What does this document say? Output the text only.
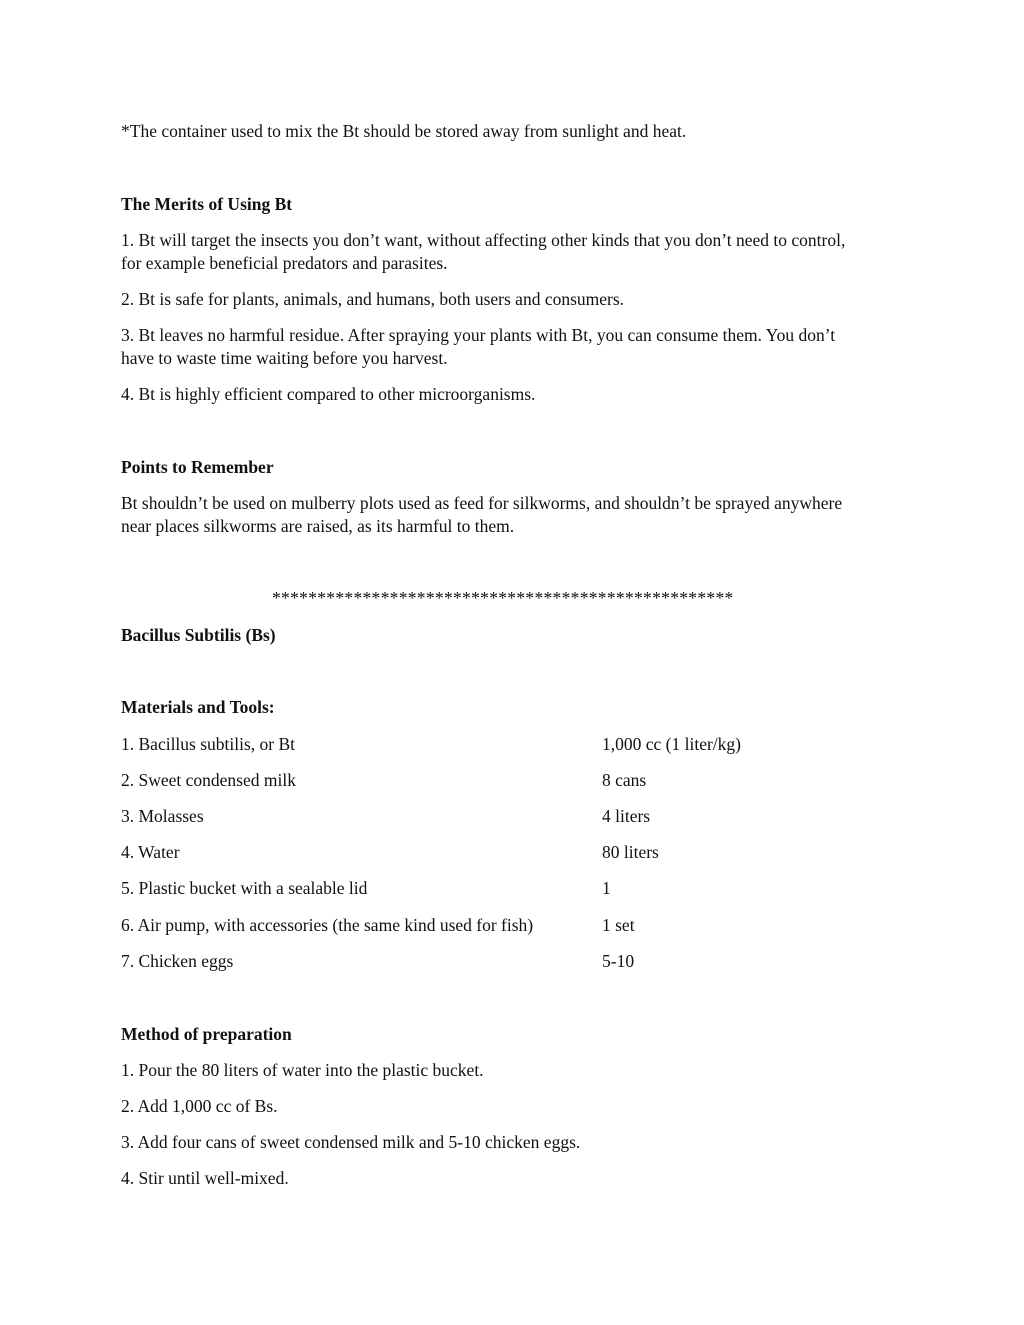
*The container used to mix the Bt should be stored away from sunlight and heat.

The Merits of Using Bt

1. Bt will target the insects you don’t want, without affecting other kinds that you don’t need to control,

for example beneficial predators and parasites.

2. Bt is safe for plants, animals, and humans, both users and consumers.

3. Bt leaves no harmful residue. After spraying your plants with Bt, you can consume them. You don’t

have to waste time waiting before you harvest.

4. Bt is highly efficient compared to other microorganisms.

Points to Remember

Bt shouldn’t be used on mulberry plots used as feed for silkworms, and shouldn’t be sprayed anywhere

near places silkworms are raised, as its harmful to them.

***************************************************

Bacillus Subtilis (Bs)

Materials and Tools:

1. Bacillus subtilis, or Bt	1,000 cc (1 liter/kg)
2. Sweet condensed milk	8 cans
3. Molasses	4 liters
4. Water	80 liters
5. Plastic bucket with a sealable lid	1
6. Air pump, with accessories (the same kind used for fish)	1 set
7. Chicken eggs	5-10

Method of preparation

1. Pour the 80 liters of water into the plastic bucket.

2. Add 1,000 cc of Bs.

3. Add four cans of sweet condensed milk and 5-10 chicken eggs.

4. Stir until well-mixed.
